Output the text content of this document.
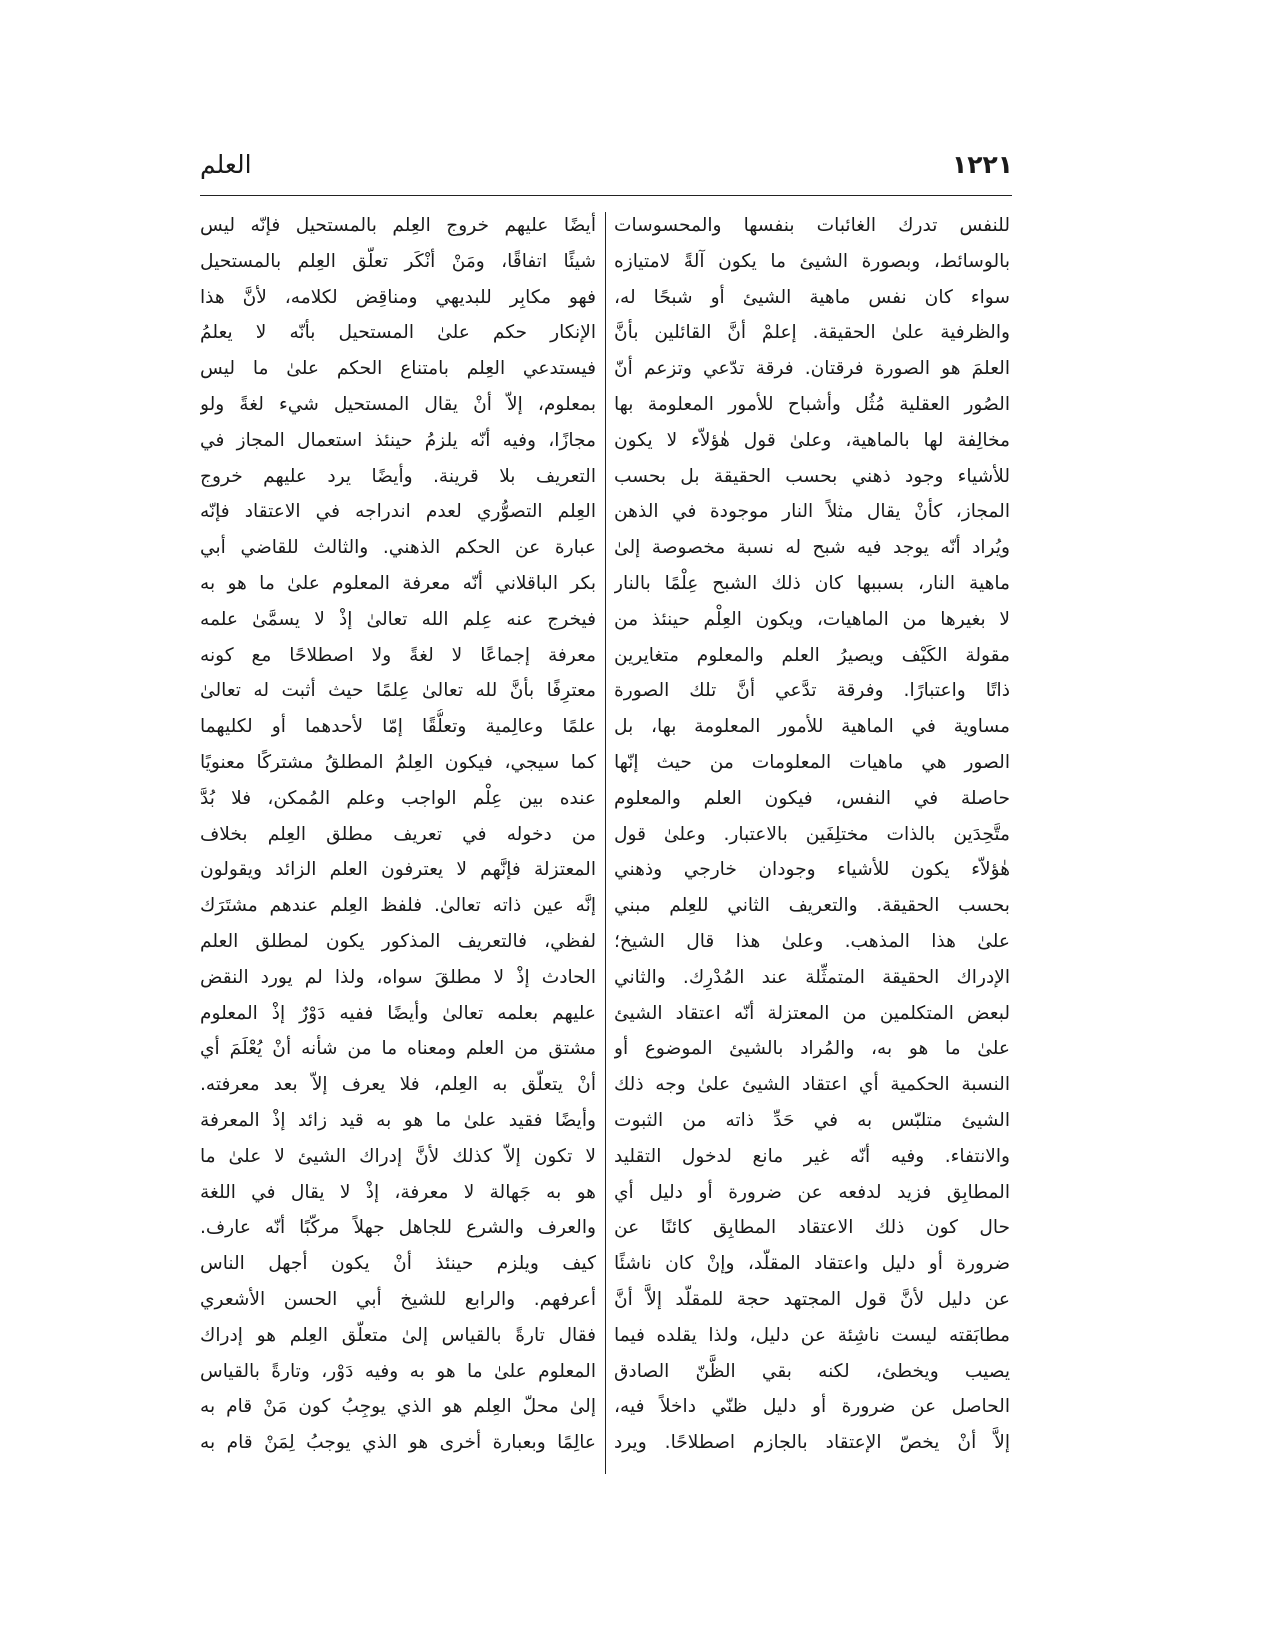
العلم	١٢٢١
للنفس تدرك الغائبات بنفسها والمحسوسات
بالوسائط، وبصورة الشيئ ما يكون آلةً لامتيازه
سواء كان نفس ماهية الشيئ أو شبحًا له،
والظرفية علىٰ الحقيقة. إعلمْ أنَّ القائلين بأنَّ
العلمَ هو الصورة فرقتان. فرقة تدّعي وتزعم أنّ
الصُور العقلية مُثُل وأشباح للأمور المعلومة بها
مخالِفة لها بالماهية، وعلىٰ قول هٰؤلاّء لا يكون
للأشياء وجود ذهني بحسب الحقيقة بل بحسب
المجاز، كأنْ يقال مثلاً النار موجودة في الذهن
ويُراد أنّه يوجد فيه شبح له نسبة مخصوصة إلىٰ
ماهية النار، بسببها كان ذلك الشبح عِلْمًا بالنار
لا بغيرها من الماهيات، ويكون العِلْم حينئذ من
مقولة الكَيْف ويصيرُ العلم والمعلوم متغايرين
ذاتًا واعتبارًا. وفرقة تدَّعي أنَّ تلك الصورة
مساوية في الماهية للأمور المعلومة بها، بل
الصور هي ماهيات المعلومات من حيث إنّها
حاصلة في النفس، فيكون العلم والمعلوم
متَّحِدَين بالذات مختلِفَين بالاعتبار. وعلىٰ قول
هٰؤلاّء يكون للأشياء وجودان خارجي وذهني
بحسب الحقيقة. والتعريف الثاني للعِلم مبني
علىٰ هذا المذهب. وعلىٰ هذا قال الشيخ؛
الإدراك الحقيقة المتمثِّلة عند المُدْرِك. والثاني
لبعض المتكلمين من المعتزلة أنّه اعتقاد الشيئ
علىٰ ما هو به، والمُراد بالشيئ الموضوع أو
النسبة الحكمية أي اعتقاد الشيئ علىٰ وجه ذلك
الشيئ متلبّس به في حَدِّ ذاته من الثبوت
والانتفاء. وفيه أنّه غير مانع لدخول التقليد
المطابِق فزيد لدفعه عن ضرورة أو دليل أي
حال كون ذلك الاعتقاد المطابِق كائنًا عن
ضرورة أو دليل واعتقاد المقلّد، وإنْ كان ناشئًا
عن دليل لأنَّ قول المجتهد حجة للمقلّد إلاَّ أنَّ
مطابَقته ليست ناشِئة عن دليل، ولذا يقلده فيما
يصيب ويخطئ، لكنه بقي الظَّنّ الصادق
الحاصل عن ضرورة أو دليل ظنّي داخلاً فيه،
إلاَّ أنْ يخصّ الإعتقاد بالجازم اصطلاحًا. ويرد
أيضًا عليهم خروج العِلم بالمستحيل فإنّه ليس
شيئًا اتفاقًا، ومَنْ أنْكَر تعلّق العِلم بالمستحيل
فهو مكابِر للبديهي ومناقِض لكلامه، لأنَّ هذا
الإنكار حكم علىٰ المستحيل بأنّه لا يعلمُ
فيستدعي العِلم بامتناع الحكم علىٰ ما ليس
بمعلوم، إلاّ أنْ يقال المستحيل شيء لغةً ولو
مجازًا، وفيه أنّه يلزمُ حينئذ استعمال المجاز في
التعريف بلا قرينة. وأيضًا يرد عليهم خروج
العِلم التصوُّري لعدم اندراجه في الاعتقاد فإنّه
عبارة عن الحكم الذهني. والثالث للقاضي أبي
بكر الباقلاني أنّه معرفة المعلوم علىٰ ما هو به
فيخرج عنه عِلم الله تعالىٰ إذْ لا يسمَّىٰ علمه
معرفة إجماعًا لا لغةً ولا اصطلاحًا مع كونه
معترِفًا بأنَّ لله تعالىٰ عِلمًا حيث أثبت له تعالىٰ
علمًا وعالِمية وتعلُّقًا إمّا لأحدهما أو لكليهما
كما سيجي، فيكون العِلمُ المطلقُ مشتركًا معنويًا
عنده بين عِلْم الواجب وعلم المُمكن، فلا بُدَّ
من دخوله في تعريف مطلق العِلم بخلاف
المعتزلة فإنَّهم لا يعترفون العلم الزائد ويقولون
إنَّه عين ذاته تعالىٰ. فلفظ العِلم عندهم مشتَرَك
لفظي، فالتعريف المذكور يكون لمطلق العلم
الحادث إذْ لا مطلقَ سواه، ولذا لم يورد النقض
عليهم بعلمه تعالىٰ وأيضًا ففيه دَوْرٌ إذْ المعلوم
مشتق من العلم ومعناه ما من شأنه أنْ يُعْلَمَ أي
أنْ يتعلّق به العِلم، فلا يعرف إلاّ بعد معرفته.
وأيضًا فقيد علىٰ ما هو به قيد زائد إذْ المعرفة
لا تكون إلاّ كذلك لأنَّ إدراك الشيئ لا علىٰ ما
هو به جَهالة لا معرفة، إذْ لا يقال في اللغة
والعرف والشرع للجاهل جهلاً مركّبًا أنّه عارف.
كيف ويلزم حينئذ أنْ يكون أجهل الناس
أعرفهم. والرابع للشيخ أبي الحسن الأشعري
فقال تارةً بالقياس إلىٰ متعلّق العِلم هو إدراك
المعلوم علىٰ ما هو به وفيه دَوْر، وتارةً بالقياس
إلىٰ محلّ العِلم هو الذي يوجِبُ كون مَنْ قام به
عالِمًا وبعبارة أخرى هو الذي يوجبُ لِمَنْ قام به
